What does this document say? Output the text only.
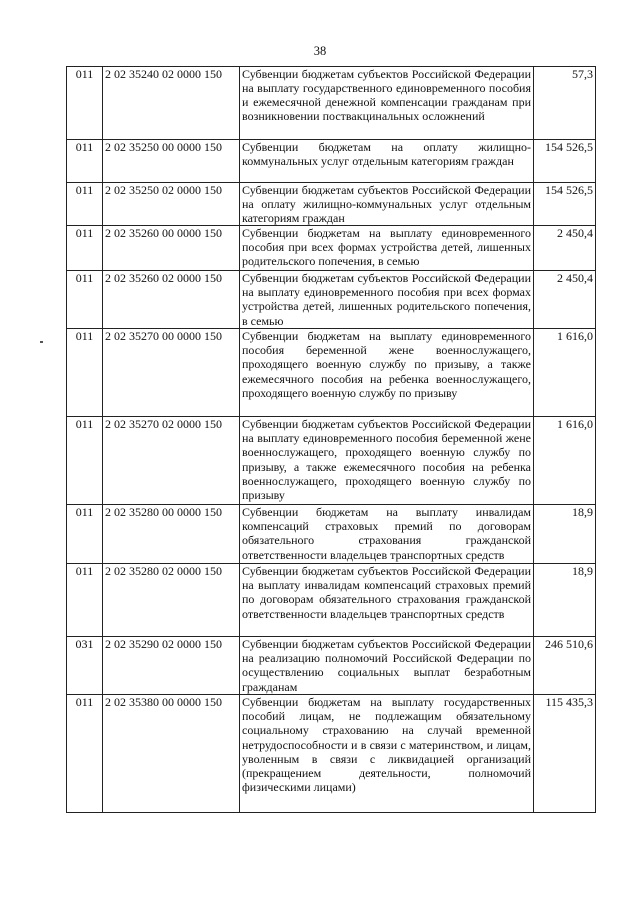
38
011	2 02 35240 02 0000 150	Субвенции бюджетам субъектов Российской Федерации на выплату государственного единовременного пособия и ежемесячной денежной компенсации гражданам при возникновении поствакцинальных осложнений	57,3
011	2 02 35250 00 0000 150	Субвенции бюджетам на оплату жилищно-коммунальных услуг отдельным категориям граждан	154 526,5
011	2 02 35250 02 0000 150	Субвенции бюджетам субъектов Российской Федерации на оплату жилищно-коммунальных услуг отдельным категориям граждан	154 526,5
011	2 02 35260 00 0000 150	Субвенции бюджетам на выплату единовременного пособия при всех формах устройства детей, лишенных родительского попечения, в семью	2 450,4
011	2 02 35260 02 0000 150	Субвенции бюджетам субъектов Российской Федерации на выплату единовременного пособия при всех формах устройства детей, лишенных родительского попечения, в семью	2 450,4
011	2 02 35270 00 0000 150	Субвенции бюджетам на выплату единовременного пособия беременной жене военнослужащего, проходящего военную службу по призыву, а также ежемесячного пособия на ребенка военнослужащего, проходящего военную службу по призыву	1 616,0
011	2 02 35270 02 0000 150	Субвенции бюджетам субъектов Российской Федерации на выплату единовременного пособия беременной жене военнослужащего, проходящего военную службу по призыву, а также ежемесячного пособия на ребенка военнослужащего, проходящего военную службу по призыву	1 616,0
011	2 02 35280 00 0000 150	Субвенции бюджетам на выплату инвалидам компенсаций страховых премий по договорам обязательного страхования гражданской ответственности владельцев транспортных средств	18,9
011	2 02 35280 02 0000 150	Субвенции бюджетам субъектов Российской Федерации на выплату инвалидам компенсаций страховых премий по договорам обязательного страхования гражданской ответственности владельцев транспортных средств	18,9
031	2 02 35290 02 0000 150	Субвенции бюджетам субъектов Российской Федерации на реализацию полномочий Российской Федерации по осуществлению социальных выплат безработным гражданам	246 510,6
011	2 02 35380 00 0000 150	Субвенции бюджетам на выплату государственных пособий лицам, не подлежащим обязательному социальному страхованию на случай временной нетрудоспособности и в связи с материнством, и лицам, уволенным в связи с ликвидацией организаций (прекращением деятельности, полномочий физическими лицами)	115 435,3
